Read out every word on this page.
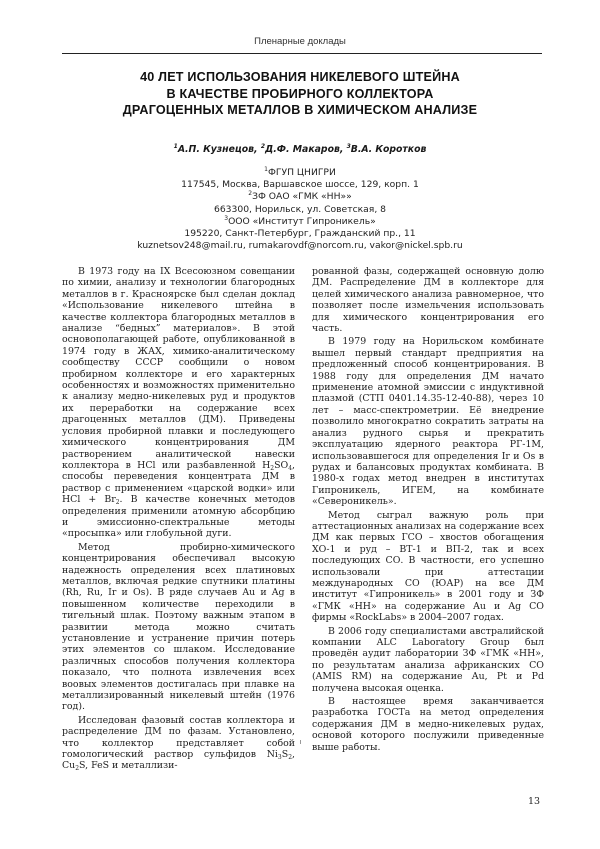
Пленарные доклады
40 ЛЕТ ИСПОЛЬЗОВАНИЯ НИКЕЛЕВОГО ШТЕЙНА
В КАЧЕСТВЕ ПРОБИРНОГО КОЛЛЕКТОРА
ДРАГОЦЕННЫХ МЕТАЛЛОВ В ХИМИЧЕСКОМ АНАЛИЗЕ
$^1$А.П. Кузнецов, $^2$Д.Ф. Макаров, $^3$В.А. Коротков
$^1$ФГУП ЦНИГРИ
117545, Москва, Варшавское шоссе, 129, корп. 1
$^2$ЗФ ОАО «ГМК «НН»»
663300, Норильск, ул. Советская, 8
$^3$ООО «Институт Гипроникель»
195220, Санкт-Петербург, Гражданский пр., 11
kuznetsov248@mail.ru, rumakarovdf@norcom.ru, vakor@nickel.spb.ru

В 1973 году на IX Всесоюзном совещании по химии, анализу и технологии благородных металлов в г. Красноярске был сделан доклад «Использование никелевого штейна в качестве коллектора благородных металлов в анализе “бедных” материалов». В этой основополагающей работе, опубликованной в 1974 году в ЖАХ, химико-аналитическому сообществу СССР сообщили о новом пробирном коллекторе и его характерных особенностях и возможностях применительно к анализу медно-никелевых руд и продуктов их переработки на содержание всех драгоценных металлов (ДМ). Приведены условия пробирной плавки и последующего химического концентрирования ДМ растворением аналитической навески коллектора в HCl или разбавленной $H_2SO_4$, способы переведения концентрата ДМ в раствор с применением «царской водки» или HCl + $Br_2$. В качестве конечных методов определения применили атомную абсорбцию и эмиссионно-спектральные методы «просыпка» или глобульной дуги.

Метод пробирно-химического концентрирования обеспечивал высокую надежность определения всех платиновых металлов, включая редкие спутники платины (Rh, Ru, Ir и Os). В ряде случаев Au и Ag в повышенном количестве переходили в тигельный шлак. Поэтому важным этапом в развитии метода можно считать установление и устранение причин потерь этих элементов со шлаком. Исследование различных способов получения коллектора показало, что полнота извлечения всех воовых элементов достигалась при плавке на металлизированный никелевый штейн (1976 год).

Исследован фазовый состав коллектора и распределение ДМ по фазам. Установлено, что коллектор представляет собой гомологический раствор сульфидов $Ni_3S_2$, $Cu_2S$, FeS и металлизи-

рованной фазы, содержащей основную долю ДМ. Распределение ДМ в коллекторе для целей химического анализа равномерное, что позволяет после измельчения использовать для химического концентрирования его часть.

В 1979 году на Норильском комбинате вышел первый стандарт предприятия на предложенный способ концентрирования. В 1988 году для определения ДМ начато применение атомной эмиссии с индуктивной плазмой (СТП 0401.14.35-12-40-88), через 10 лет – масс-спектрометрии. Её внедрение позволило многократно сократить затраты на анализ рудного сырья и прекратить эксплуатацию ядерного реактора РГ-1М, использовавшегося для определения Ir и Os в рудах и балансовых продуктах комбината. В 1980-х годах метод внедрен в институтах Гипроникель, ИГЕМ, на комбинате «Североникель».

Метод сыграл важную роль при аттестационных анализах на содержание всех ДМ как первых ГСО – хвостов обогащения ХО-1 и руд – ВТ-1 и ВП-2, так и всех последующих СО. В частности, его успешно использовали при аттестации международных СО (ЮАР) на все ДМ институт «Гипроникель» в 2001 году и ЗФ «ГМК «НН» на содержание Au и Ag СО фирмы «RockLabs» в 2004–2007 годах.

В 2006 году специалистами австралийской компании ALC Laboratory Group был проведён аудит лаборатории ЗФ «ГМК «НН», по результатам анализа африканских СО (AMIS RM) на содержание Au, Pt и Pd получена высокая оценка.

В настоящее время заканчивается разработка ГОСТа на метод определения содержания ДМ в медно-никелевых рудах, основой которого послужили приведенные выше работы.

13
